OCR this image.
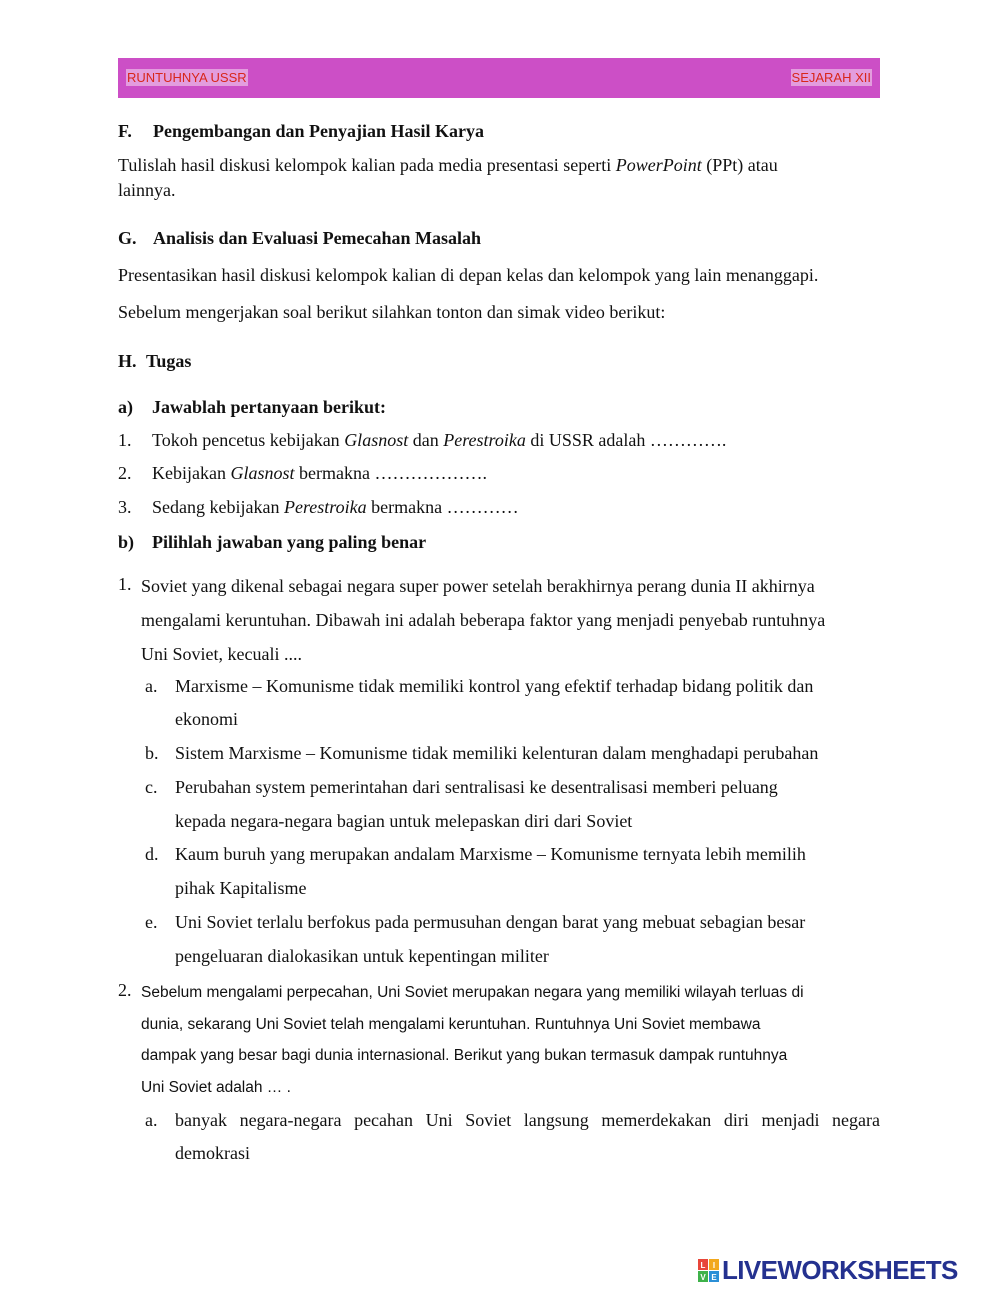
RUNTUHNYA USSR	SEJARAH XII
F. Pengembangan dan Penyajian Hasil Karya
Tulislah hasil diskusi kelompok kalian pada media presentasi seperti PowerPoint (PPt) atau
lainnya.
G. Analisis dan Evaluasi Pemecahan Masalah
Presentasikan hasil diskusi kelompok kalian di depan kelas dan kelompok yang lain menanggapi.
Sebelum mengerjakan soal berikut silahkan tonton dan simak video berikut:
H. Tugas
a) Jawablah pertanyaan berikut:
1. Tokoh pencetus kebijakan Glasnost dan Perestroika di USSR adalah ………….
2. Kebijakan Glasnost bermakna ……………….
3. Sedang kebijakan Perestroika bermakna …………
b) Pilihlah jawaban yang paling benar
1. Soviet yang dikenal sebagai negara super power setelah berakhirnya perang dunia II akhirnya
mengalami keruntuhan. Dibawah ini adalah beberapa faktor yang menjadi penyebab runtuhnya
Uni Soviet, kecuali ....
a. Marxisme – Komunisme tidak memiliki kontrol yang efektif terhadap bidang politik dan
ekonomi
b. Sistem Marxisme – Komunisme tidak memiliki kelenturan dalam menghadapi perubahan
c. Perubahan system pemerintahan dari sentralisasi ke desentralisasi memberi peluang
kepada negara-negara bagian untuk melepaskan diri dari Soviet
d. Kaum buruh yang merupakan andalam Marxisme – Komunisme ternyata lebih memilih
pihak Kapitalisme
e. Uni Soviet terlalu berfokus pada permusuhan dengan barat yang mebuat sebagian besar
pengeluaran dialokasikan untuk kepentingan militer
2. Sebelum mengalami perpecahan, Uni Soviet merupakan negara yang memiliki wilayah terluas di
dunia, sekarang Uni Soviet telah mengalami keruntuhan. Runtuhnya Uni Soviet membawa
dampak yang besar bagi dunia internasional. Berikut yang bukan termasuk dampak runtuhnya
Uni Soviet adalah … .
a. banyak negara-negara pecahan Uni Soviet langsung memerdekakan diri menjadi negara
demokrasi
L I
V E LIVEWORKSHEETS
